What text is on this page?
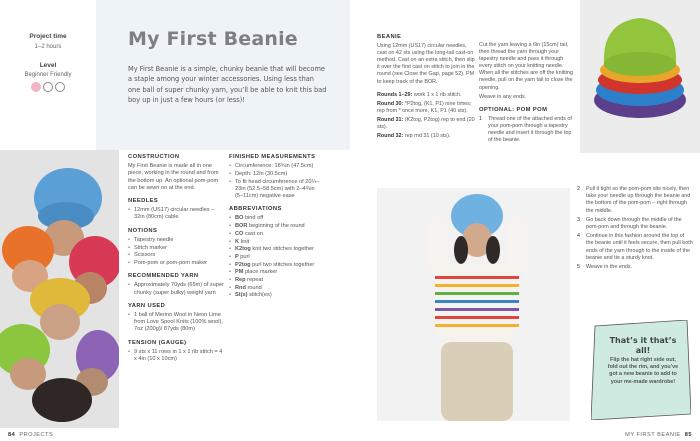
Project time
1–2 hours
Level
Beginner Friendly
My First Beanie
My First Beanie is a simple, chunky beanie that will become a staple among your winter accessories. Using less than one ball of super chunky yarn, you’ll be able to knit this bad boy up in just a few hours (or less)!
CONSTRUCTION
My First Beanie is made all in one piece, working in the round and from the bottom up. An optional pom-pom can be sewn on at the end.
NEEDLES
• 12mm (US17) circular needles – 32in (80cm) cable
NOTIONS
• Tapestry needle
• Stitch marker
• Scissors
• Pom-pom or pom-pom maker
RECOMMENDED YARN
• Approximately 70yds (65m) of super chunky (super bulky) weight yarn
YARN USED
• 1 ball of Merino Wool in Neon Lime from Love Spool Knits (100% wool), 7oz (200g)/ 87yds (80m)
TENSION (GAUGE)
• 9 sts x 11 rows in 1 x 1 rib stitch = 4 x 4in (10 x 10cm)
FINISHED MEASUREMENTS
• Circumference: 18¾in (47.5cm)
• Depth: 12in (30.5cm)
• To fit head circumference of 20¼–23in (52.5–58.5cm) with 2–4¾in (5–11cm) negative ease
ABBREVIATIONS
• BO bind off
• BOR beginning of the round
• CO cast on
• K knit
• K2tog knit two stitches together
• P purl
• P2tog purl two stitches together
• PM place marker
• Rep repeat
• Rnd round
• St(s) stitch(es)
84 PROJECTS
BEANIE
Using 12mm (US17) circular needles, cast on 42 sts using the long-tail cast-on method. Cast on an extra stitch, then slip it over the first cast on stitch to join in the round (see Close the Gap, page 52). PM to keep track of the BOR.
Rounds 1–29: work 1 x 1 rib stitch.
Round 30: *P2tog, (K1, P1) nine times; rep from * once more, K1, P1 (40 sts).
Round 31: (K2tog, P2tog) rep to end (20 sts).
Round 32: rep rnd 31 (10 sts).
Cut the yarn leaving a 6in (15cm) tail, then thread the yarn through your tapestry needle and pass it through every stitch on your knitting needle. When all the stitches are off the knitting needle, pull on the yarn tail to close the opening.
Weave in any ends.
OPTIONAL: POM POM
1 Thread one of the attached ends of your pom-pom through a tapestry needle and insert it through the top of the beanie.
2 Pull it tight so the pom-pom sits nicely, then take your needle up through the beanie and the bottom of the pom-pom – right through the middle.
3 Go back down through the middle of the pom-pom and through the beanie.
4 Continue in this fashion around the top of the beanie until it feels secure, then pull both ends of the yarn through to the inside of the beanie and tie a sturdy knot.
5 Weave in the ends.
That’s it that’s all!
Flip the hat right side out, fold out the rim, and you’ve got a new beanie to add to your me-made wardrobe!
MY FIRST BEANIE 85
